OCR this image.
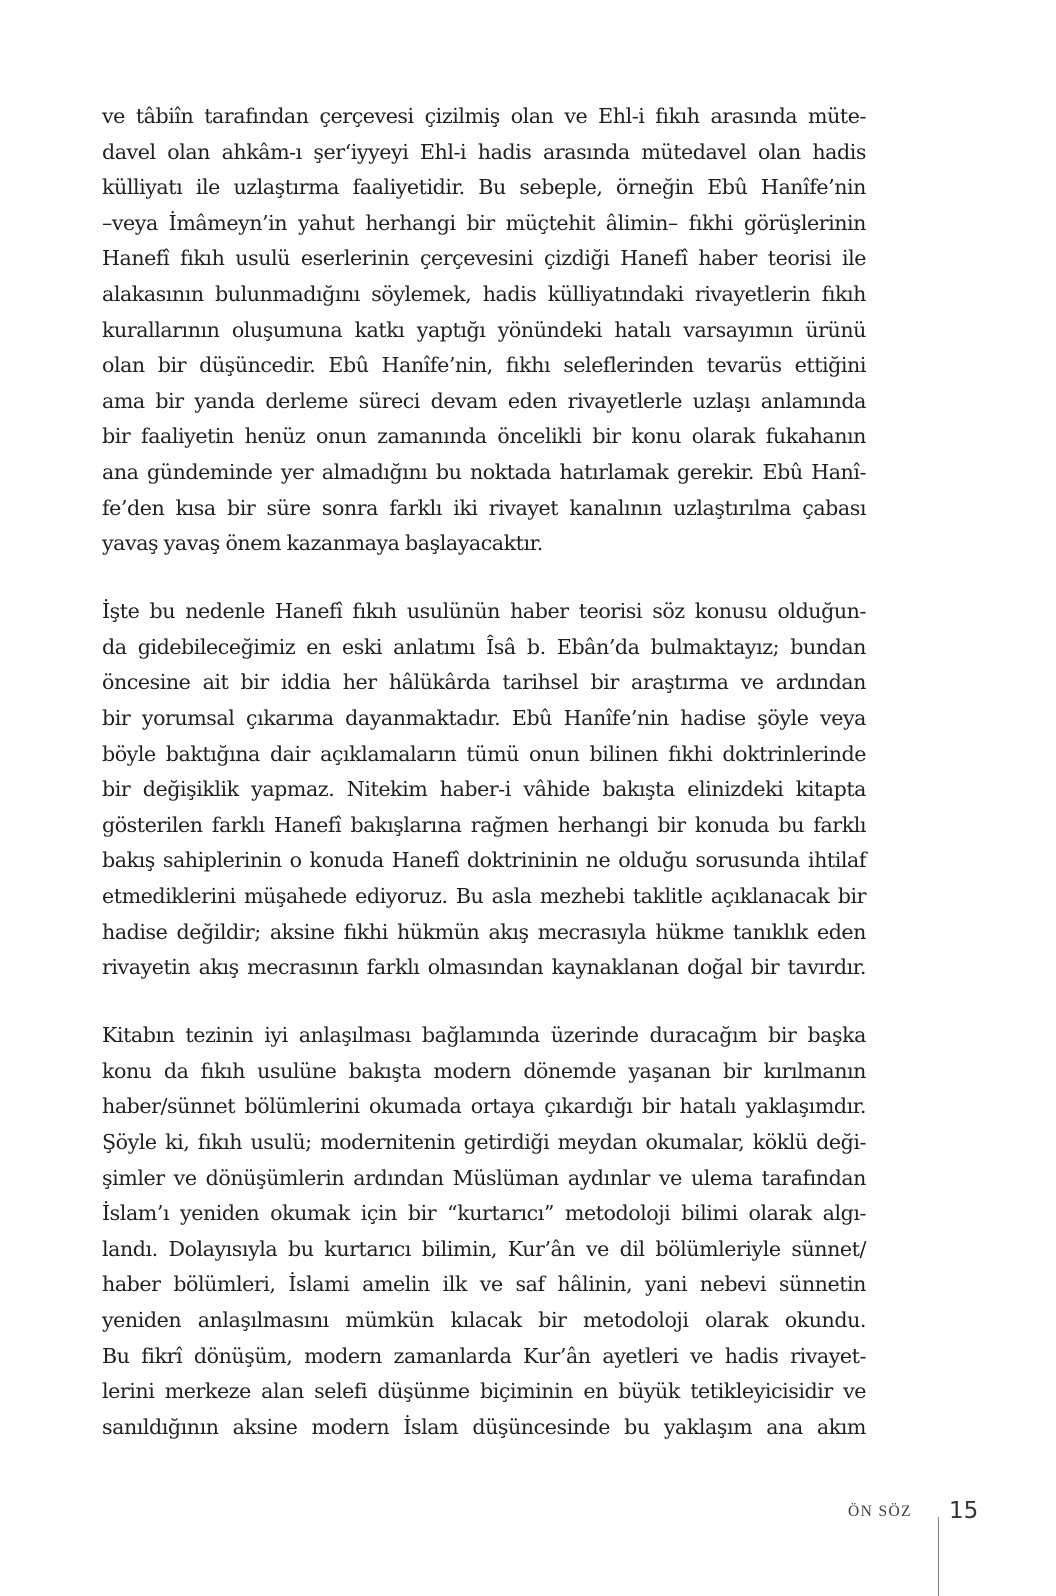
ve tâbiîn tarafından çerçevesi çizilmiş olan ve Ehl-i fıkıh arasında müte-
davel olan ahkâm-ı şer‘iyyeyi Ehl-i hadis arasında mütedavel olan hadis
külliyatı ile uzlaştırma faaliyetidir. Bu sebeple, örneğin Ebû Hanîfe’nin
–veya İmâmeyn’in yahut herhangi bir müçtehit âlimin– fıkhi görüşlerinin
Hanefî fıkıh usulü eserlerinin çerçevesini çizdiği Hanefî haber teorisi ile
alakasının bulunmadığını söylemek, hadis külliyatındaki rivayetlerin fıkıh
kurallarının oluşumuna katkı yaptığı yönündeki hatalı varsayımın ürünü
olan bir düşüncedir. Ebû Hanîfe’nin, fıkhı seleflerinden tevarüs ettiğini
ama bir yanda derleme süreci devam eden rivayetlerle uzlaşı anlamında
bir faaliyetin henüz onun zamanında öncelikli bir konu olarak fukahanın
ana gündeminde yer almadığını bu noktada hatırlamak gerekir. Ebû Hanî-
fe’den kısa bir süre sonra farklı iki rivayet kanalının uzlaştırılma çabası
yavaş yavaş önem kazanmaya başlayacaktır.
İşte bu nedenle Hanefî fıkıh usulünün haber teorisi söz konusu olduğun-
da gidebileceğimiz en eski anlatımı Îsâ b. Ebân’da bulmaktayız; bundan
öncesine ait bir iddia her hâlükârda tarihsel bir araştırma ve ardından
bir yorumsal çıkarıma dayanmaktadır. Ebû Hanîfe’nin hadise şöyle veya
böyle baktığına dair açıklamaların tümü onun bilinen fıkhi doktrinlerinde
bir değişiklik yapmaz. Nitekim haber-i vâhide bakışta elinizdeki kitapta
gösterilen farklı Hanefî bakışlarına rağmen herhangi bir konuda bu farklı
bakış sahiplerinin o konuda Hanefî doktrininin ne olduğu sorusunda ihtilaf
etmediklerini müşahede ediyoruz. Bu asla mezhebi taklitle açıklanacak bir
hadise değildir; aksine fıkhi hükmün akış mecrasıyla hükme tanıklık eden
rivayetin akış mecrasının farklı olmasından kaynaklanan doğal bir tavırdır.
Kitabın tezinin iyi anlaşılması bağlamında üzerinde duracağım bir başka
konu da fıkıh usulüne bakışta modern dönemde yaşanan bir kırılmanın
haber/sünnet bölümlerini okumada ortaya çıkardığı bir hatalı yaklaşımdır.
Şöyle ki, fıkıh usulü; modernitenin getirdiği meydan okumalar, köklü deği-
şimler ve dönüşümlerin ardından Müslüman aydınlar ve ulema tarafından
İslam’ı yeniden okumak için bir “kurtarıcı” metodoloji bilimi olarak algı-
landı. Dolayısıyla bu kurtarıcı bilimin, Kur’ân ve dil bölümleriyle sünnet/
haber bölümleri, İslami amelin ilk ve saf hâlinin, yani nebevi sünnetin
yeniden anlaşılmasını mümkün kılacak bir metodoloji olarak okundu.
Bu fikrî dönüşüm, modern zamanlarda Kur’ân ayetleri ve hadis rivayet-
lerini merkeze alan selefi düşünme biçiminin en büyük tetikleyicisidir ve
sanıldığının aksine modern İslam düşüncesinde bu yaklaşım ana akım
ÖN SÖZ 15
